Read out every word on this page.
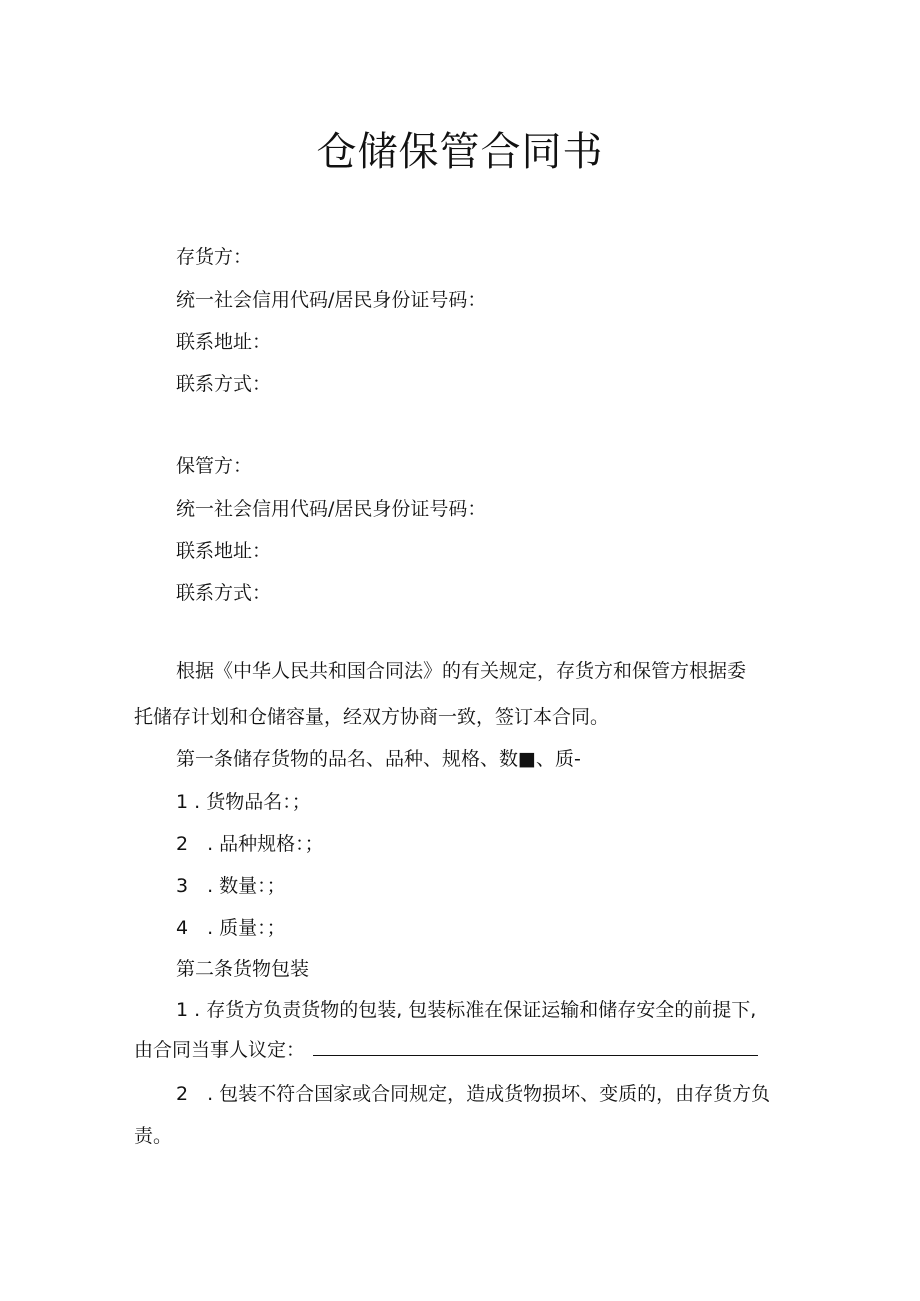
仓储保管合同书
存货方：
统一社会信用代码/居民身份证号码：
联系地址：
联系方式：
保管方：
统一社会信用代码/居民身份证号码：
联系地址：
联系方式：
根据《中华人民共和国合同法》的有关规定，存货方和保管方根据委
托储存计划和仓储容量，经双方协商一致，签订本合同。
第一条储存货物的品名、品种、规格、数■、质-
1 . 货物品名：；
2　. 品种规格：；
3　. 数量：；
4　. 质量：；
第二条货物包装
1 . 存货方负责货物的包装, 包装标准在保证运输和储存安全的前提下,
由合同当事人议定：
2　. 包装不符合国家或合同规定，造成货物损坏、变质的，由存货方负
责。
